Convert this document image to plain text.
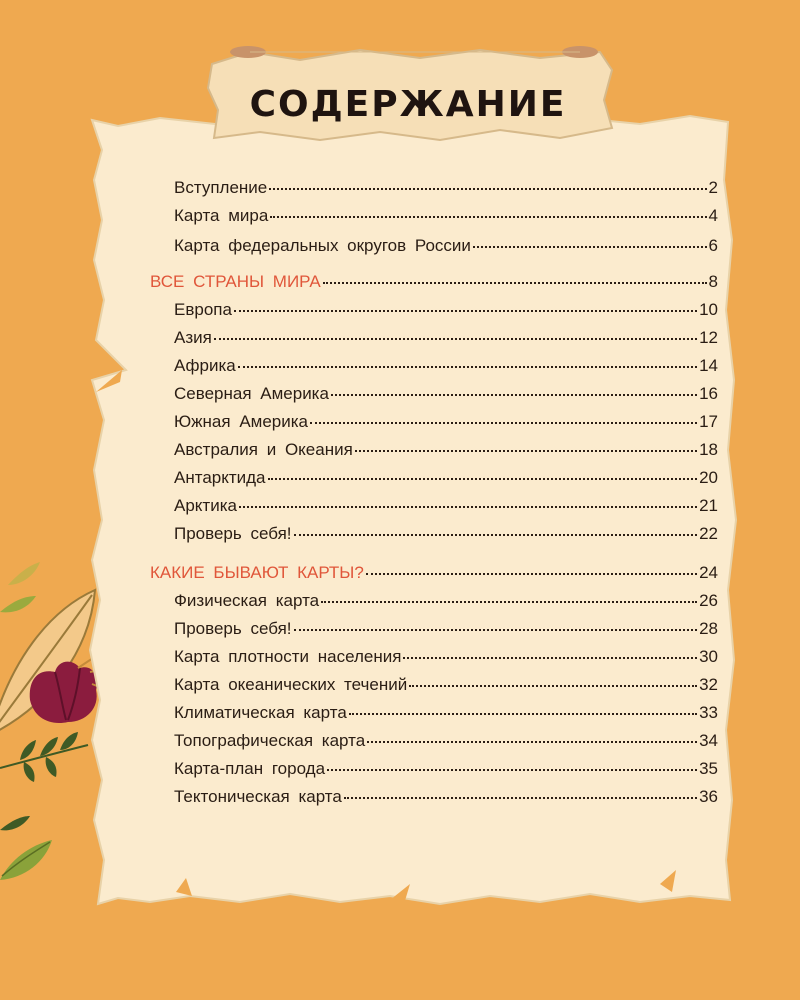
СОДЕРЖАНИЕ
Вступление	2
Карта мира	4
Карта федеральных округов России	6
ВСЕ СТРАНЫ МИРА	8
Европа	10
Азия	12
Африка	14
Северная Америка	16
Южная Америка	17
Австралия и Океания	18
Антарктида	20
Арктика	21
Проверь себя!	22
КАКИЕ БЫВАЮТ КАРТЫ?	24
Физическая карта	26
Проверь себя!	28
Карта плотности населения	30
Карта океанических течений	32
Климатическая карта	33
Топографическая карта	34
Карта-план города	35
Тектоническая карта	36
